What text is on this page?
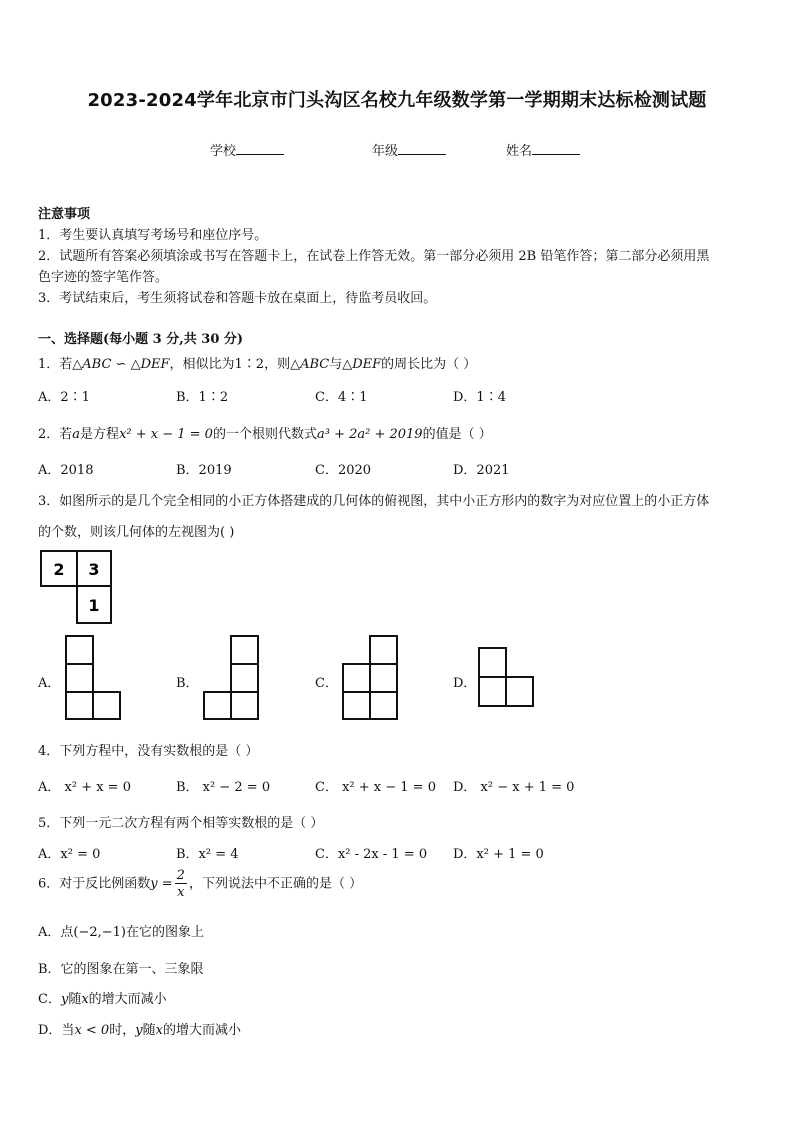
2023-2024学年北京市门头沟区名校九年级数学第一学期期末达标检测试题
学校	年级	姓名
注意事项
1．考生要认真填写考场号和座位序号。
2．试题所有答案必须填涂或书写在答题卡上，在试卷上作答无效。第一部分必须用 2B 铅笔作答；第二部分必须用黑
色字迹的签字笔作答。
3．考试结束后，考生须将试卷和答题卡放在桌面上，待监考员收回。
一、选择题(每小题 3 分,共 30 分)
1．若△ABC ∽ △DEF，相似比为1∶2，则△ABC与△DEF的周长比为（ ）
A．2∶1	B．1∶2	C．4∶1	D．1∶4
2．若a是方程x² + x − 1 = 0的一个根则代数式a³ + 2a² + 2019的值是（ ）
A．2018	B．2019	C．2020	D．2021
3．如图所示的是几个完全相同的小正方体搭建成的几何体的俯视图，其中小正方形内的数字为对应位置上的小正方体
的个数，则该几何体的左视图为( )
2 3
1
A．	B．	C．	D．
4．下列方程中，没有实数根的是（ ）
A． x² + x = 0	B． x² − 2 = 0	C． x² + x − 1 = 0 D． x² − x + 1 = 0
5．下列一元二次方程有两个相等实数根的是（ ）
A．x² = 0	B．x² = 4	C．x² - 2x - 1 = 0 D．x² + 1 = 0
6．对于反比例函数$y = \frac{2}{x}$ ，下列说法中不正确的是（ ）
A．点(−2,−1)在它的图象上
B．它的图象在第一、三象限
C．y随x的增大而减小
D．当x < 0时，y随x的增大而减小
